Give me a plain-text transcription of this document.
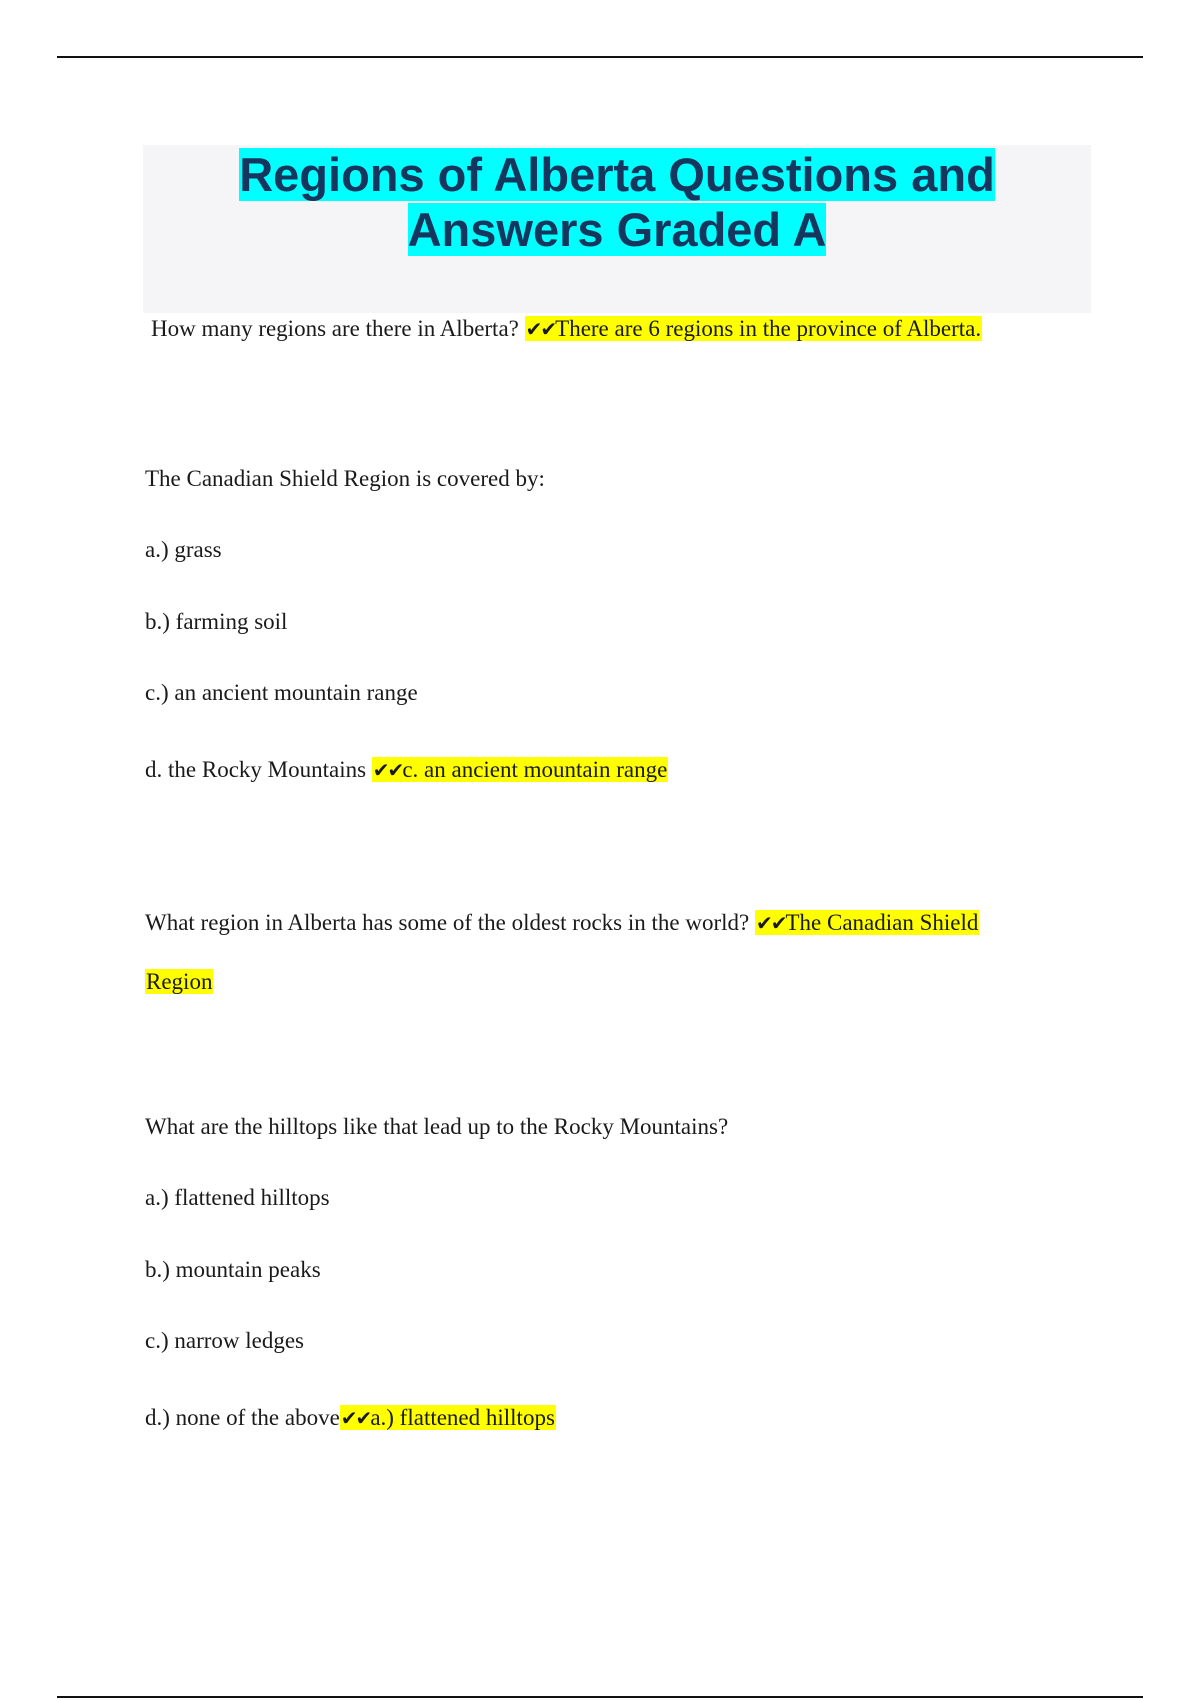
Regions of Alberta Questions and
Answers Graded A
How many regions are there in Alberta? ✔✔There are 6 regions in the province of Alberta.
The Canadian Shield Region is covered by:
a.) grass
b.) farming soil
c.) an ancient mountain range
d. the Rocky Mountains ✔✔c. an ancient mountain range
What region in Alberta has some of the oldest rocks in the world? ✔✔The Canadian Shield
Region
What are the hilltops like that lead up to the Rocky Mountains?
a.) flattened hilltops
b.) mountain peaks
c.) narrow ledges
d.) none of the above✔✔a.) flattened hilltops
